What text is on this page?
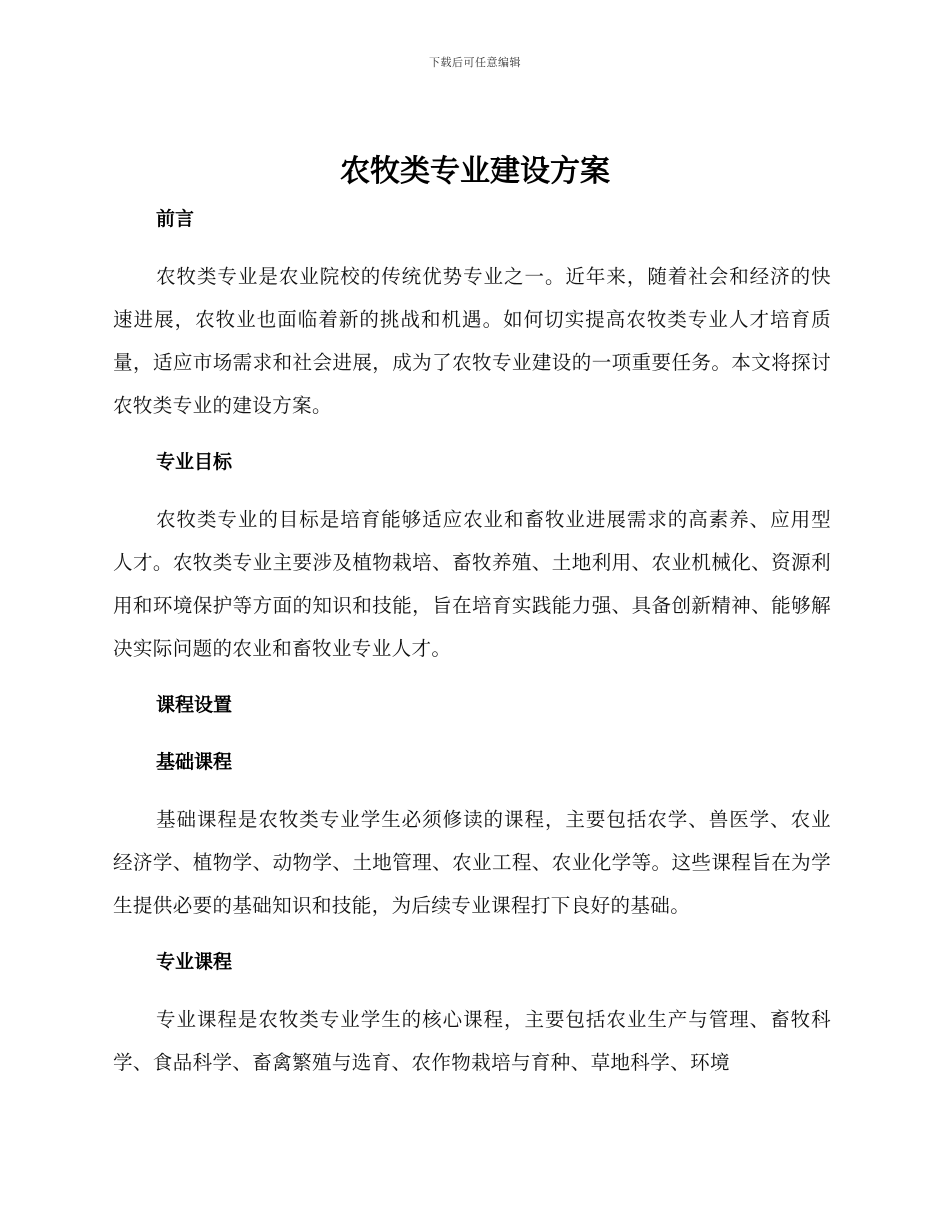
下载后可任意编辑
农牧类专业建设方案
前言

农牧类专业是农业院校的传统优势专业之一。近年来，随着社会和经济的快速进展，农牧业也面临着新的挑战和机遇。如何切实提高农牧类专业人才培育质量，适应市场需求和社会进展，成为了农牧专业建设的一项重要任务。本文将探讨农牧类专业的建设方案。

专业目标

农牧类专业的目标是培育能够适应农业和畜牧业进展需求的高素养、应用型人才。农牧类专业主要涉及植物栽培、畜牧养殖、土地利用、农业机械化、资源利用和环境保护等方面的知识和技能，旨在培育实践能力强、具备创新精神、能够解决实际问题的农业和畜牧业专业人才。

课程设置
基础课程

基础课程是农牧类专业学生必须修读的课程，主要包括农学、兽医学、农业经济学、植物学、动物学、土地管理、农业工程、农业化学等。这些课程旨在为学生提供必要的基础知识和技能，为后续专业课程打下良好的基础。

专业课程

专业课程是农牧类专业学生的核心课程，主要包括农业生产与管理、畜牧科学、食品科学、畜禽繁殖与选育、农作物栽培与育种、草地科学、环境
